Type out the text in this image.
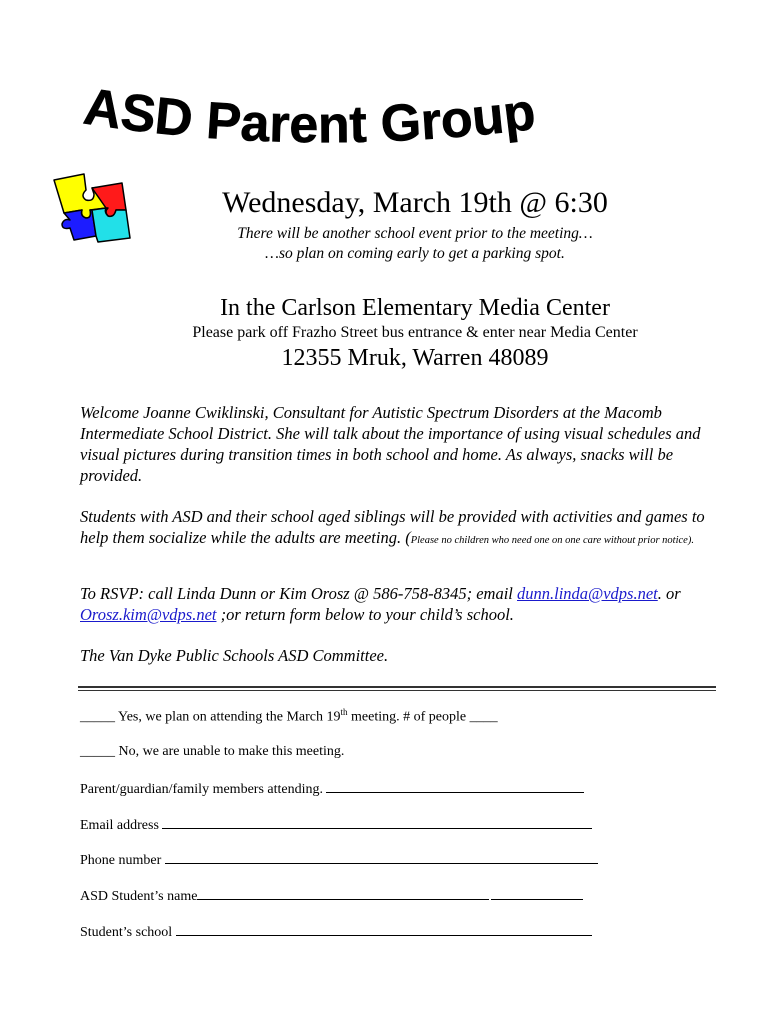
ASD Parent Group
Wednesday, March 19th @ 6:30
There will be another school event prior to the meeting…
…so plan on coming early to get a parking spot.
In the Carlson Elementary Media Center
Please park off Frazho Street bus entrance & enter near Media Center
12355 Mruk, Warren 48089
Welcome Joanne Cwiklinski, Consultant for Autistic Spectrum Disorders at the Macomb Intermediate School District. She will talk about the importance of using visual schedules and visual pictures during transition times in both school and home. As always, snacks will be provided.
Students with ASD and their school aged siblings will be provided with activities and games to help them socialize while the adults are meeting. (Please no children who need one on one care without prior notice).
To RSVP: call Linda Dunn or Kim Orosz @ 586-758-8345; email dunn.linda@vdps.net. or Orosz.kim@vdps.net ;or return form below to your child’s school.
The Van Dyke Public Schools ASD Committee.
_____ Yes, we plan on attending the March 19th meeting. # of people ____
_____ No, we are unable to make this meeting.
Parent/guardian/family members attending.
Email address
Phone number
ASD Student’s name
Student’s school
